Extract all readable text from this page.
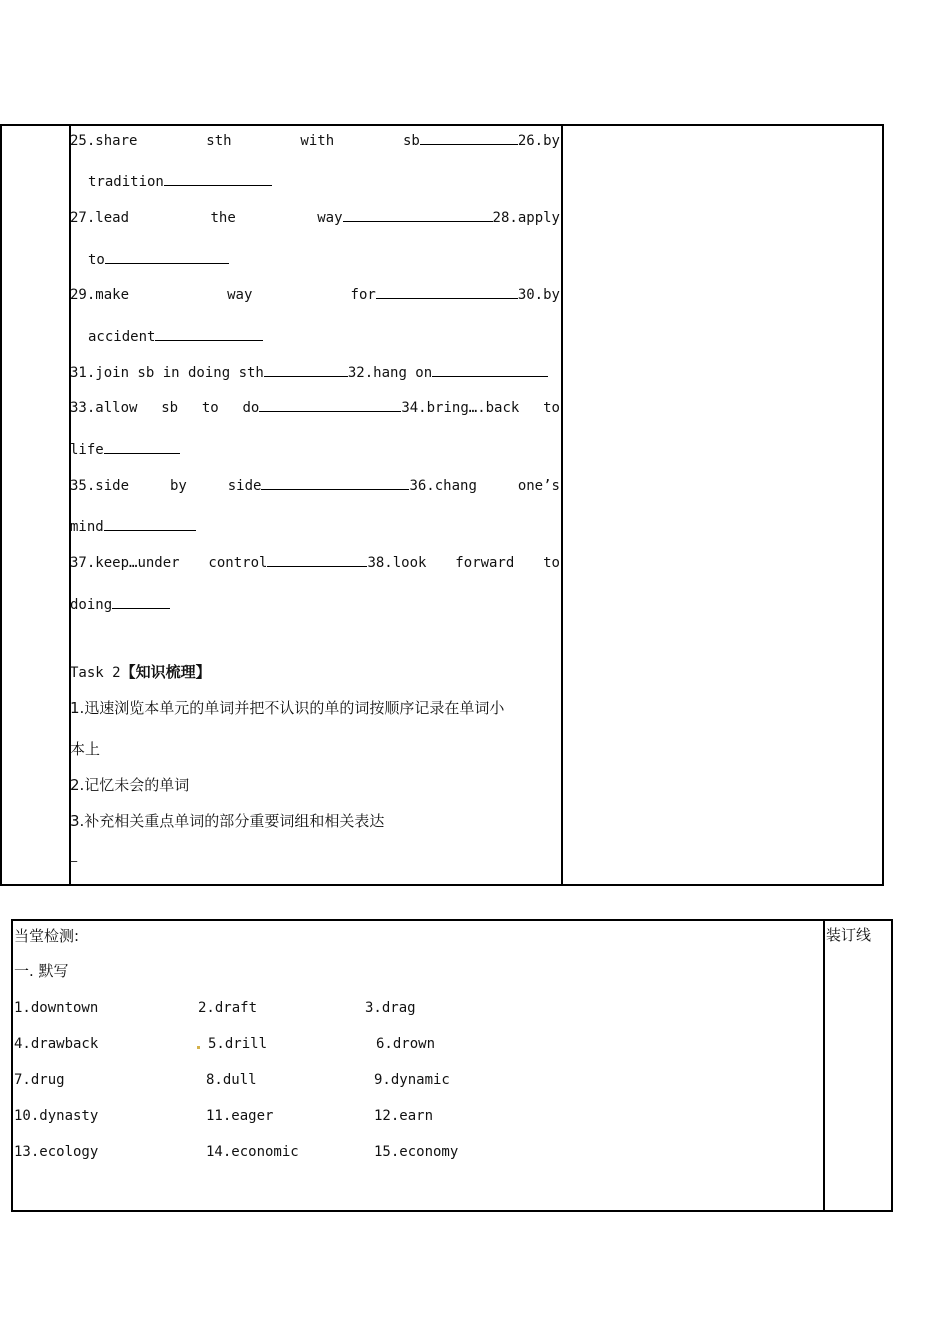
25.share	sth	with	sb	26.by
tradition
27.lead	the	way	28.apply
to
29.make	way	for	30.by
accident
31.join sb in doing sth	32.hang on
33.allow sb to do	34.bring….back to
life
35.side	by	side	36.chang	one’s
mind
37.keep…under control	38.look forward to
doing
Task 2【知识梳理】
1.迅速浏览本单元的单词并把不认识的单的词按顺序记录在单词小
本上
2.记忆未会的单词
3.补充相关重点单词的部分重要词组和相关表达
–
当堂检测:	装订线
一. 默写
1.downtown	2.draft	3.drag
4.drawback	5.drill	6.drown
7.drug	8.dull	9.dynamic
10.dynasty	11.eager	12.earn
13.ecology	14.economic	15.economy
